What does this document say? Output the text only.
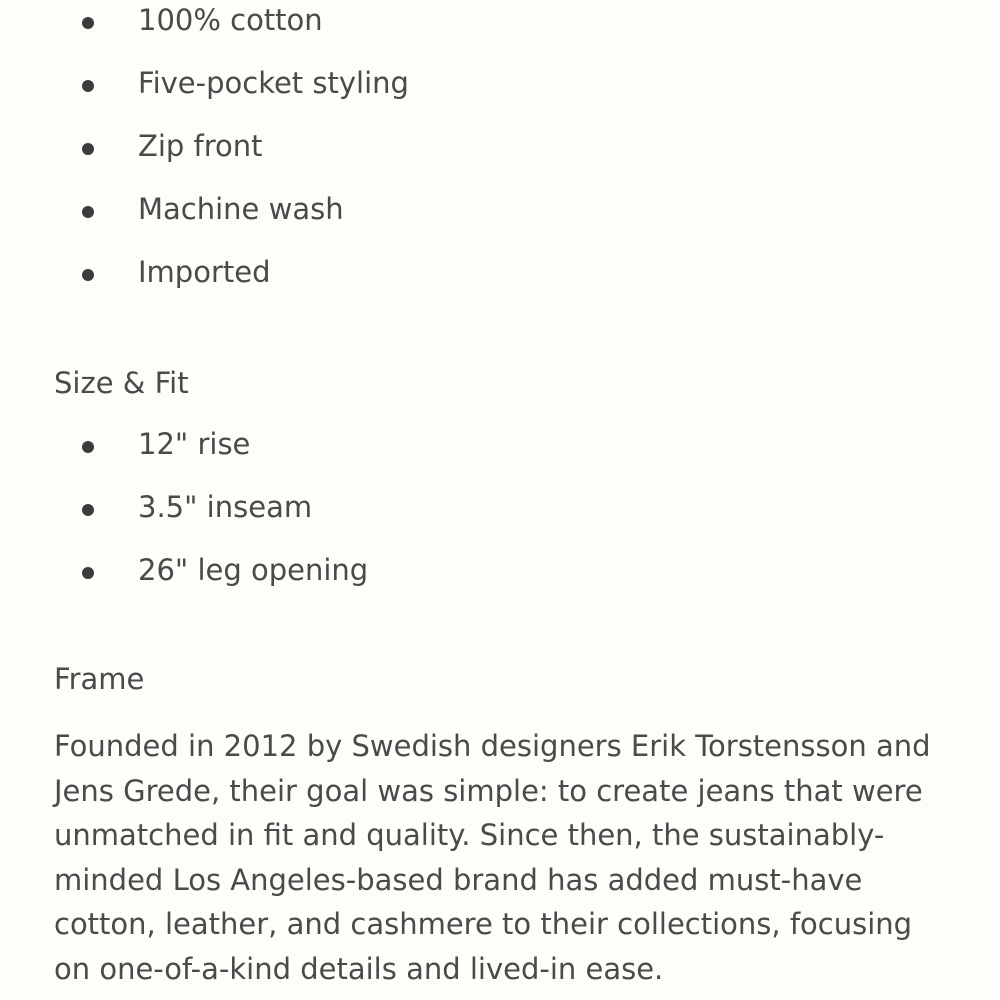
100% cotton
Five-pocket styling
Zip front
Machine wash
Imported
Size & Fit
12" rise
3.5" inseam
26" leg opening
Frame

Founded in 2012 by Swedish designers Erik Torstensson and Jens Grede, their goal was simple: to create jeans that were unmatched in fit and quality. Since then, the sustainably-minded Los Angeles-based brand has added must-have cotton, leather, and cashmere to their collections, focusing on one-of-a-kind details and lived-in ease.
